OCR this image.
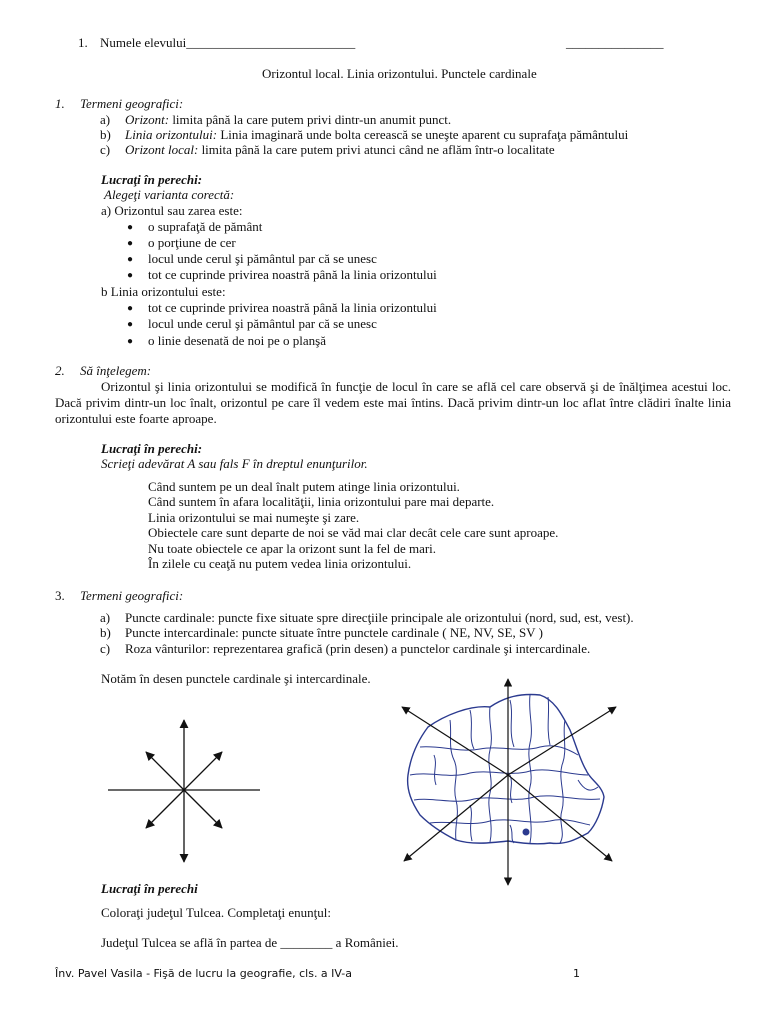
1. Numele elevului__________________________	_______________
Orizontul local. Linia orizontului. Punctele cardinale
1. Termeni geografici:
a) Orizont: limita până la care putem privi dintr-un anumit punct.
b) Linia orizontului: Linia imaginară unde bolta cerească se uneşte aparent cu suprafaţa pământului
c) Orizont local: limita până la care putem privi atunci când ne aflăm într-o localitate
Lucraţi în perechi:
Alegeţi varianta corectă:
a) Orizontul sau zarea este:
● o suprafaţă de pământ
● o porţiune de cer
● locul unde cerul şi pământul par că se unesc
● tot ce cuprinde privirea noastră până la linia orizontului
b Linia orizontului este:
● tot ce cuprinde privirea noastră până la linia orizontului
● locul unde cerul şi pământul par că se unesc
● o linie desenată de noi pe o planşă
2. Să înţelegem:
Orizontul şi linia orizontului se modifică în funcţie de locul în care se află cel care observă şi de înălţimea acestui loc. Dacă privim dintr-un loc înalt, orizontul pe care îl vedem este mai întins. Dacă privim dintr-un loc aflat între clădiri înalte linia orizontului este foarte aproape.
Lucraţi în perechi:
Scrieţi adevărat A sau fals F în dreptul enunţurilor.
Când suntem pe un deal înalt putem atinge linia orizontului.
Când suntem în afara localităţii, linia orizontului pare mai departe.
Linia orizontului se mai numeşte şi zare.
Obiectele care sunt departe de noi se văd mai clar decât cele care sunt aproape.
Nu toate obiectele ce apar la orizont sunt la fel de mari.
În zilele cu ceaţă nu putem vedea linia orizontului.
3. Termeni geografici:
a) Puncte cardinale: puncte fixe situate spre direcţiile principale ale orizontului (nord, sud, est, vest).
b) Puncte intercardinale: puncte situate între punctele cardinale ( NE, NV, SE, SV )
c) Roza vânturilor: reprezentarea grafică (prin desen) a punctelor cardinale şi intercardinale.
Notăm în desen punctele cardinale şi intercardinale.
Lucraţi în perechi
Coloraţi judeţul Tulcea. Completaţi enunţul:
Judeţul Tulcea se află în partea de ________ a României.
Înv. Pavel Vasila - Fişă de lucru la geografie, cls. a IV-a	1
